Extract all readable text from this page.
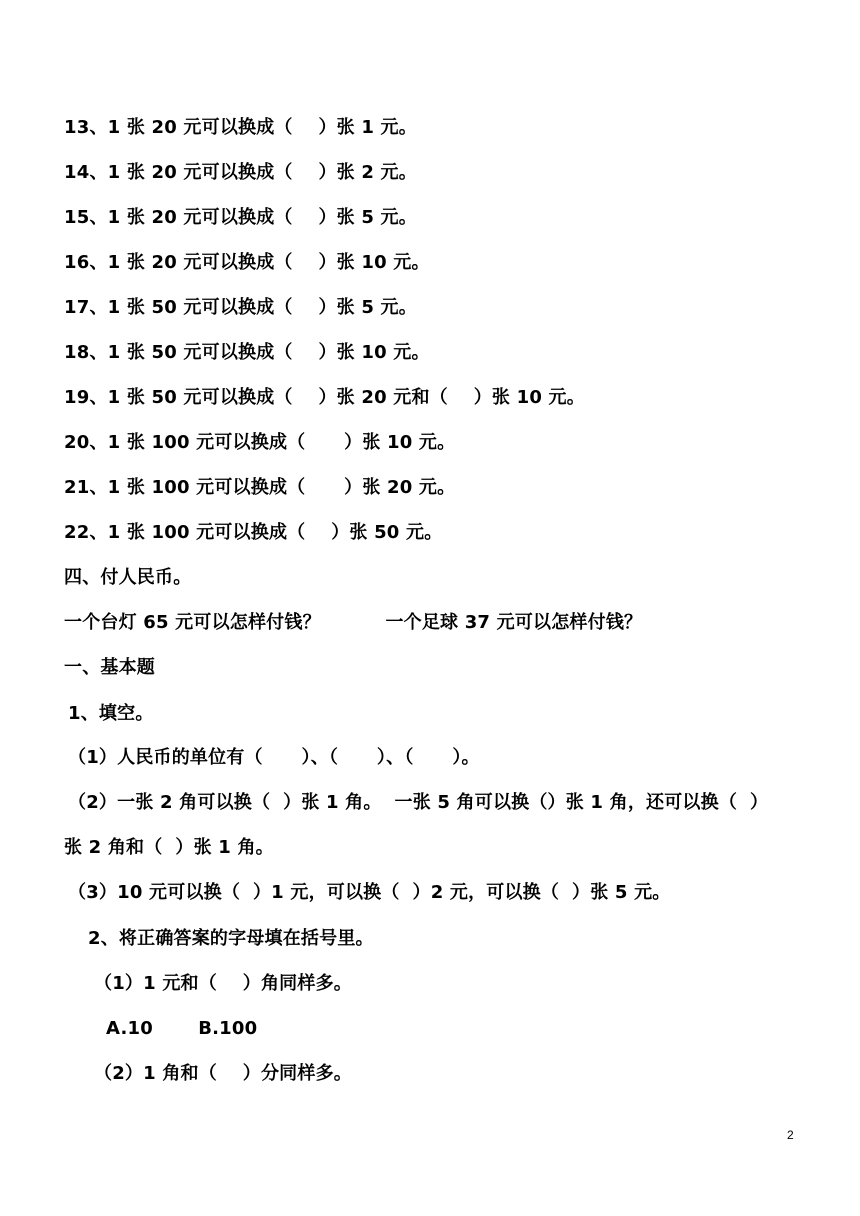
13、1 张 20 元可以换成（    ）张 1 元。
14、1 张 20 元可以换成（    ）张 2 元。
15、1 张 20 元可以换成（    ）张 5 元。
16、1 张 20 元可以换成（    ）张 10 元。
17、1 张 50 元可以换成（    ）张 5 元。
18、1 张 50 元可以换成（    ）张 10 元。
19、1 张 50 元可以换成（    ）张 20 元和（    ）张 10 元。
20、1 张 100 元可以换成（      ）张 10 元。
21、1 张 100 元可以换成（      ）张 20 元。
22、1 张 100 元可以换成（    ）张 50 元。
四、付人民币。
一个台灯 65 元可以怎样付钱？          一个足球 37 元可以怎样付钱？
一、基本题
1、填空。
（1）人民币的单位有（      ）、（      ）、（      ）。
（2）一张 2 角可以换（  ）张 1 角。  一张 5 角可以换（）张 1 角，还可以换（  ）
张 2 角和（  ）张 1 角。
（3）10 元可以换（  ）1 元，可以换（  ）2 元，可以换（  ）张 5 元。
2、将正确答案的字母填在括号里。
（1）1 元和（    ）角同样多。
A.10       B.100
（2）1 角和（    ）分同样多。
2
